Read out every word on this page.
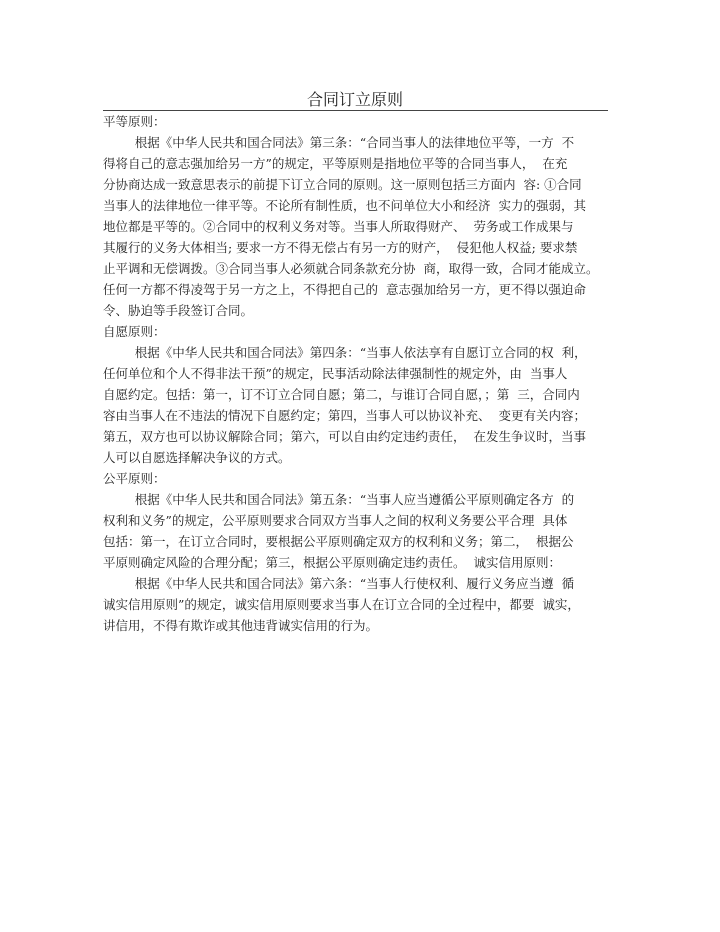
合同订立原则
平等原则：
根据《中华人民共和国合同法》第三条：“合同当事人的法律地位平等，一方  不
得将自己的意志强加给另一方”的规定，平等原则是指地位平等的合同当事人，  在充
分协商达成一致意思表示的前提下订立合同的原则。这一原则包括三方面内  容: ①合同
当事人的法律地位一律平等。不论所有制性质，也不问单位大小和经济  实力的强弱，其
地位都是平等的。②合同中的权利义务对等。当事人所取得财产、  劳务或工作成果与
其履行的义务大体相当; 要求一方不得无偿占有另一方的财产，  侵犯他人权益; 要求禁
止平调和无偿调拨。③合同当事人必须就合同条款充分协  商，取得一致，合同才能成立。
任何一方都不得凌驾于另一方之上，不得把自己的  意志强加给另一方，更不得以强迫命
令、胁迫等手段签订合同。
自愿原则：
根据《中华人民共和国合同法》第四条：“当事人依法享有自愿订立合同的权  利，
任何单位和个人不得非法干预”的规定，民事活动除法律强制性的规定外，由  当事人
自愿约定。包括：第一，订不订立合同自愿；第二，与谁订合同自愿，；第  三，合同内
容由当事人在不违法的情况下自愿约定；第四，当事人可以协议补充、  变更有关内容；
第五，双方也可以协议解除合同；第六，可以自由约定违约责任，  在发生争议时，当事
人可以自愿选择解决争议的方式。
公平原则：
根据《中华人民共和国合同法》第五条：“当事人应当遵循公平原则确定各方  的
权利和义务”的规定，公平原则要求合同双方当事人之间的权利义务要公平合理  具体
包括：第一，在订立合同时，要根据公平原则确定双方的权利和义务；第二，  根据公
平原则确定风险的合理分配；第三，根据公平原则确定违约责任。  诚实信用原则：
根据《中华人民共和国合同法》第六条：“当事人行使权利、履行义务应当遵  循
诚实信用原则”的规定，诚实信用原则要求当事人在订立合同的全过程中，都要  诚实，
讲信用，不得有欺诈或其他违背诚实信用的行为。
